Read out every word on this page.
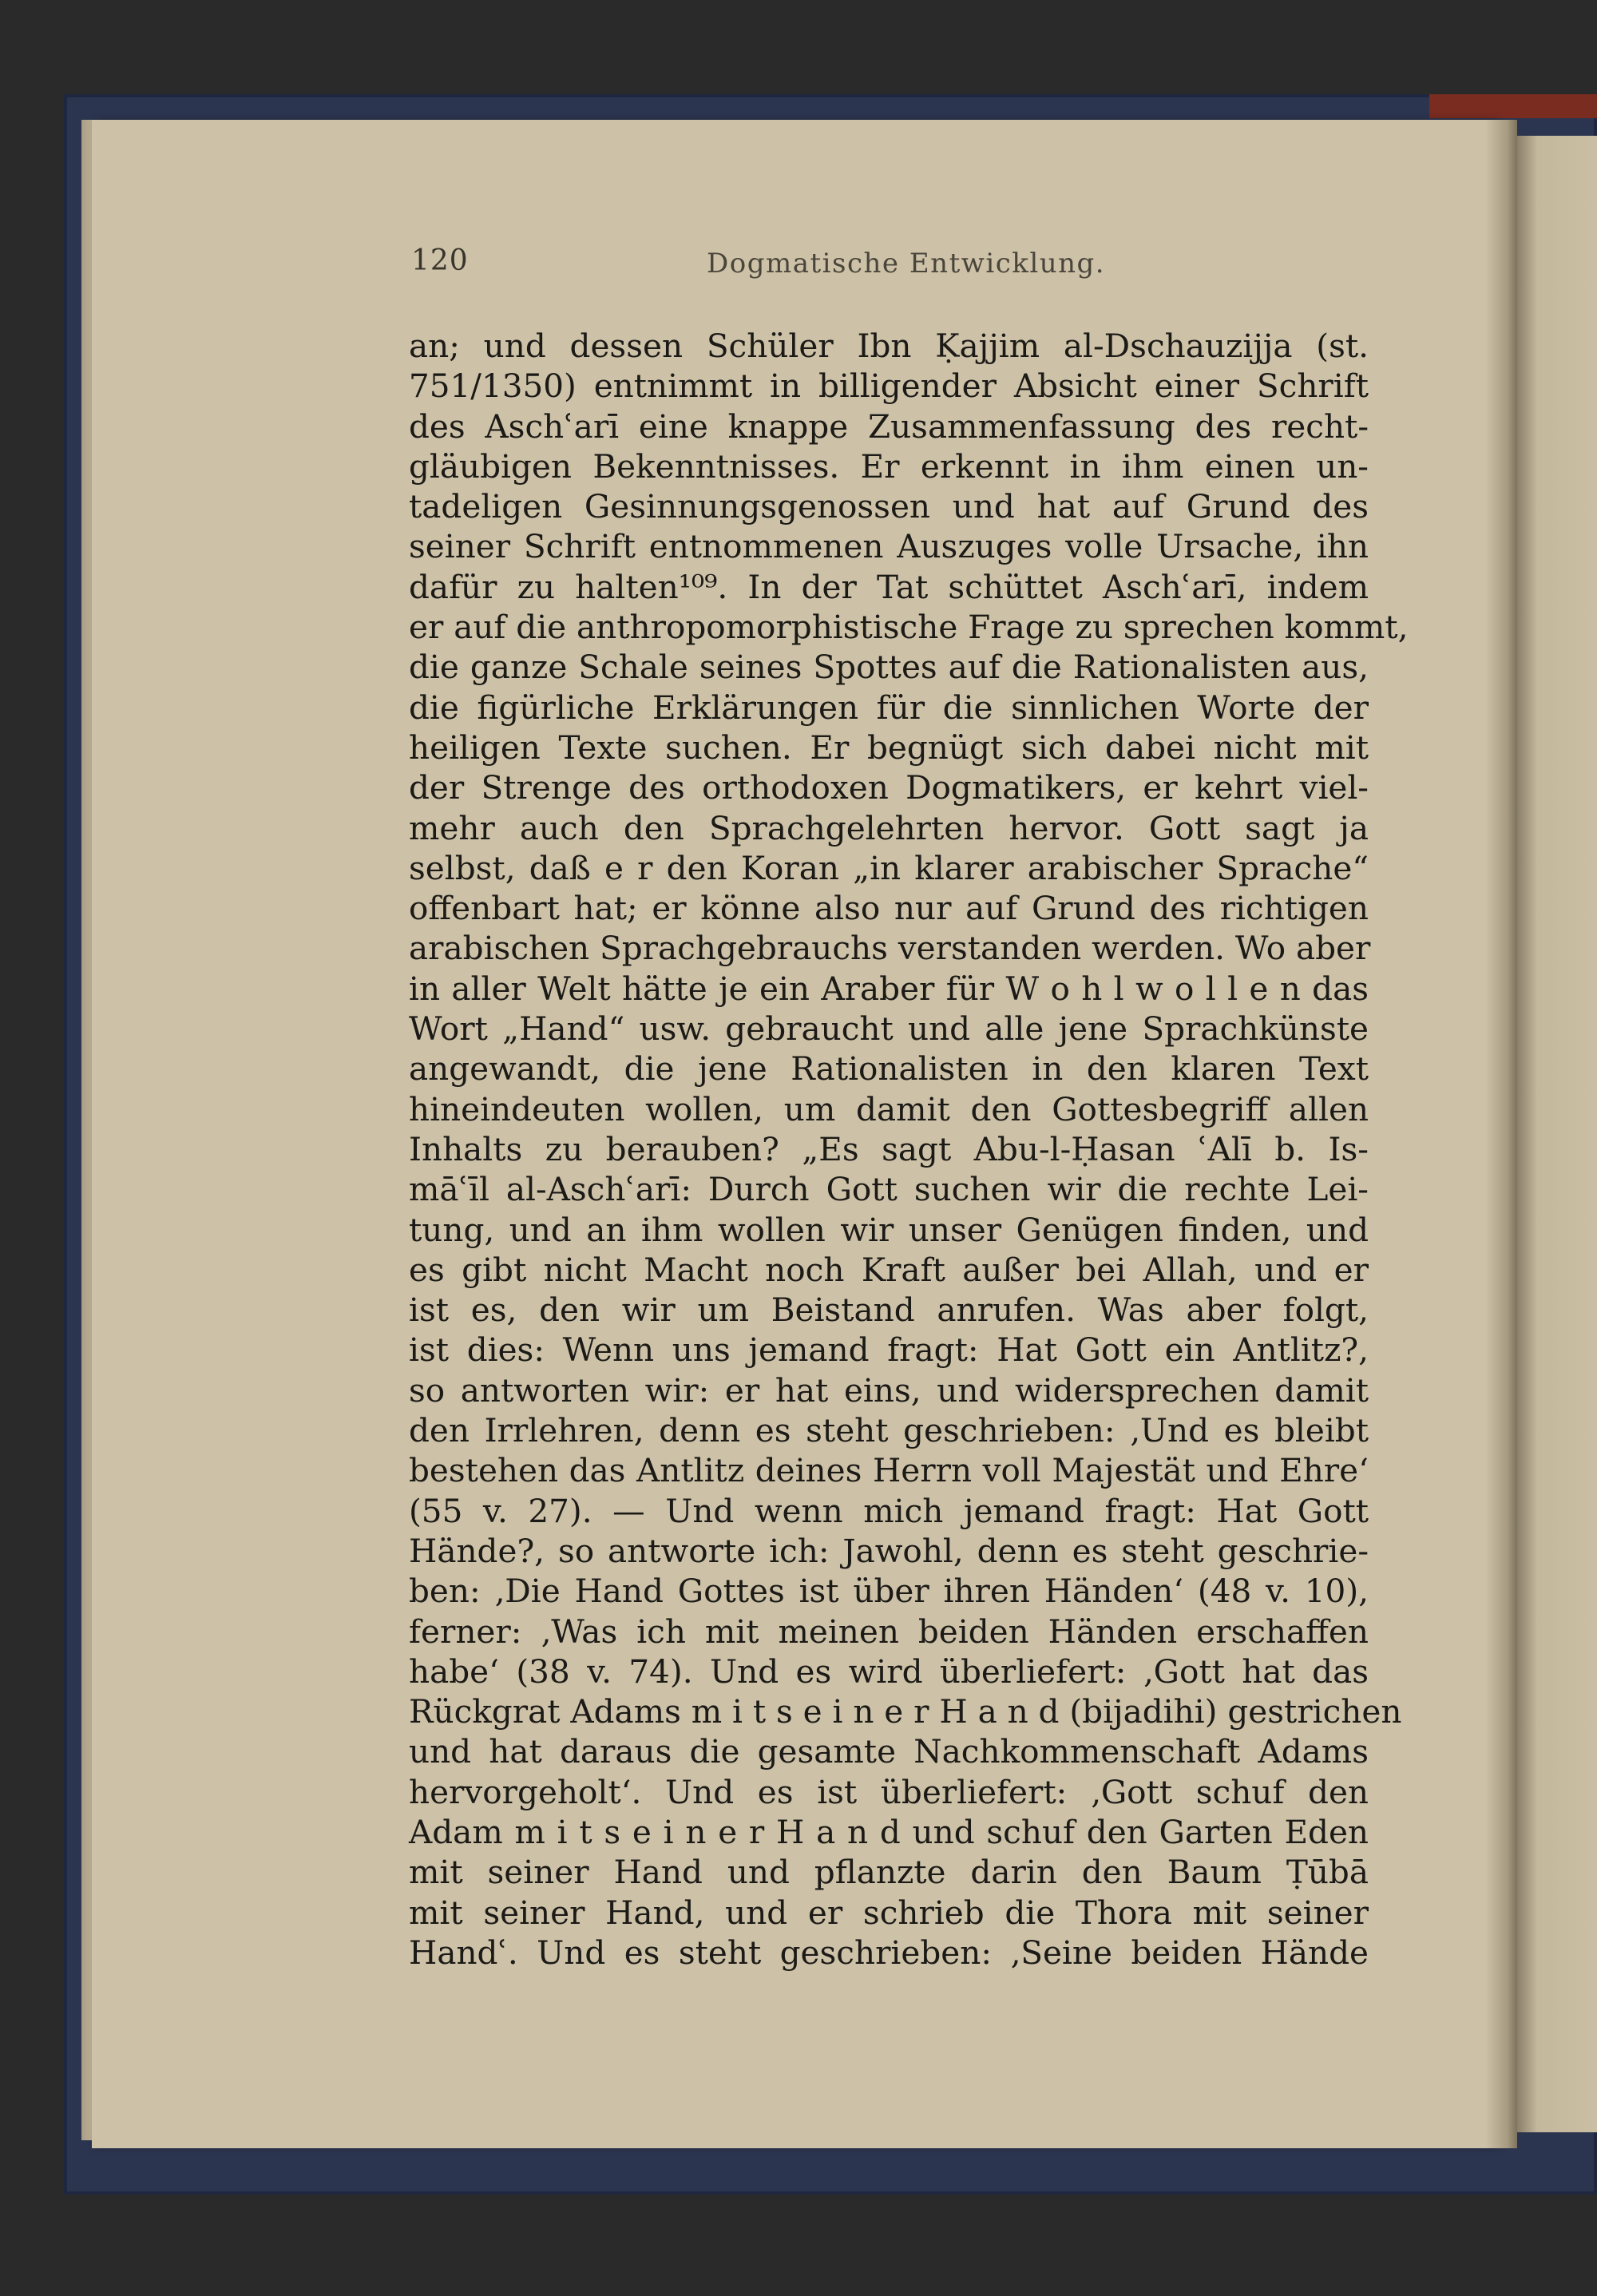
120	Dogmatische Entwicklung.
an; und dessen Schüler Ibn Ḳajjim al-Dschauzijja (st.
751/1350) entnimmt in billigender Absicht einer Schrift
des Aschʿarī eine knappe Zusammenfassung des recht-
gläubigen Bekenntnisses. Er erkennt in ihm einen un-
tadeligen Gesinnungsgenossen und hat auf Grund des
seiner Schrift entnommenen Auszuges volle Ursache, ihn
dafür zu halten¹⁰⁹. In der Tat schüttet Aschʿarī, indem
er auf die anthropomorphistische Frage zu sprechen kommt,
die ganze Schale seines Spottes auf die Rationalisten aus,
die figürliche Erklärungen für die sinnlichen Worte der
heiligen Texte suchen. Er begnügt sich dabei nicht mit
der Strenge des orthodoxen Dogmatikers, er kehrt viel-
mehr auch den Sprachgelehrten hervor. Gott sagt ja
selbst, daß e r den Koran „in klarer arabischer Sprache“
offenbart hat; er könne also nur auf Grund des richtigen
arabischen Sprachgebrauchs verstanden werden. Wo aber
in aller Welt hätte je ein Araber für W o h l w o l l e n das
Wort „Hand“ usw. gebraucht und alle jene Sprachkünste
angewandt, die jene Rationalisten in den klaren Text
hineindeuten wollen, um damit den Gottesbegriff allen
Inhalts zu berauben? „Es sagt Abu-l-Ḥasan ʿAlī b. Is-
māʿīl al-Aschʿarī: Durch Gott suchen wir die rechte Lei-
tung, und an ihm wollen wir unser Genügen finden, und
es gibt nicht Macht noch Kraft außer bei Allah, und er
ist es, den wir um Beistand anrufen. Was aber folgt,
ist dies: Wenn uns jemand fragt: Hat Gott ein Antlitz?,
so antworten wir: er hat eins, und widersprechen damit
den Irrlehren, denn es steht geschrieben: ‚Und es bleibt
bestehen das Antlitz deines Herrn voll Majestät und Ehre‘
(55 v. 27). — Und wenn mich jemand fragt: Hat Gott
Hände?, so antworte ich: Jawohl, denn es steht geschrie-
ben: ‚Die Hand Gottes ist über ihren Händen‘ (48 v. 10),
ferner: ‚Was ich mit meinen beiden Händen erschaffen
habe‘ (38 v. 74). Und es wird überliefert: ‚Gott hat das
Rückgrat Adams m i t s e i n e r H a n d (bijadihi) gestrichen
und hat daraus die gesamte Nachkommenschaft Adams
hervorgeholt‘. Und es ist überliefert: ‚Gott schuf den
Adam m i t s e i n e r H a n d und schuf den Garten Eden
mit seiner Hand und pflanzte darin den Baum Ṭūbā
mit seiner Hand, und er schrieb die Thora mit seiner
Handʿ. Und es steht geschrieben: ‚Seine beiden Hände
